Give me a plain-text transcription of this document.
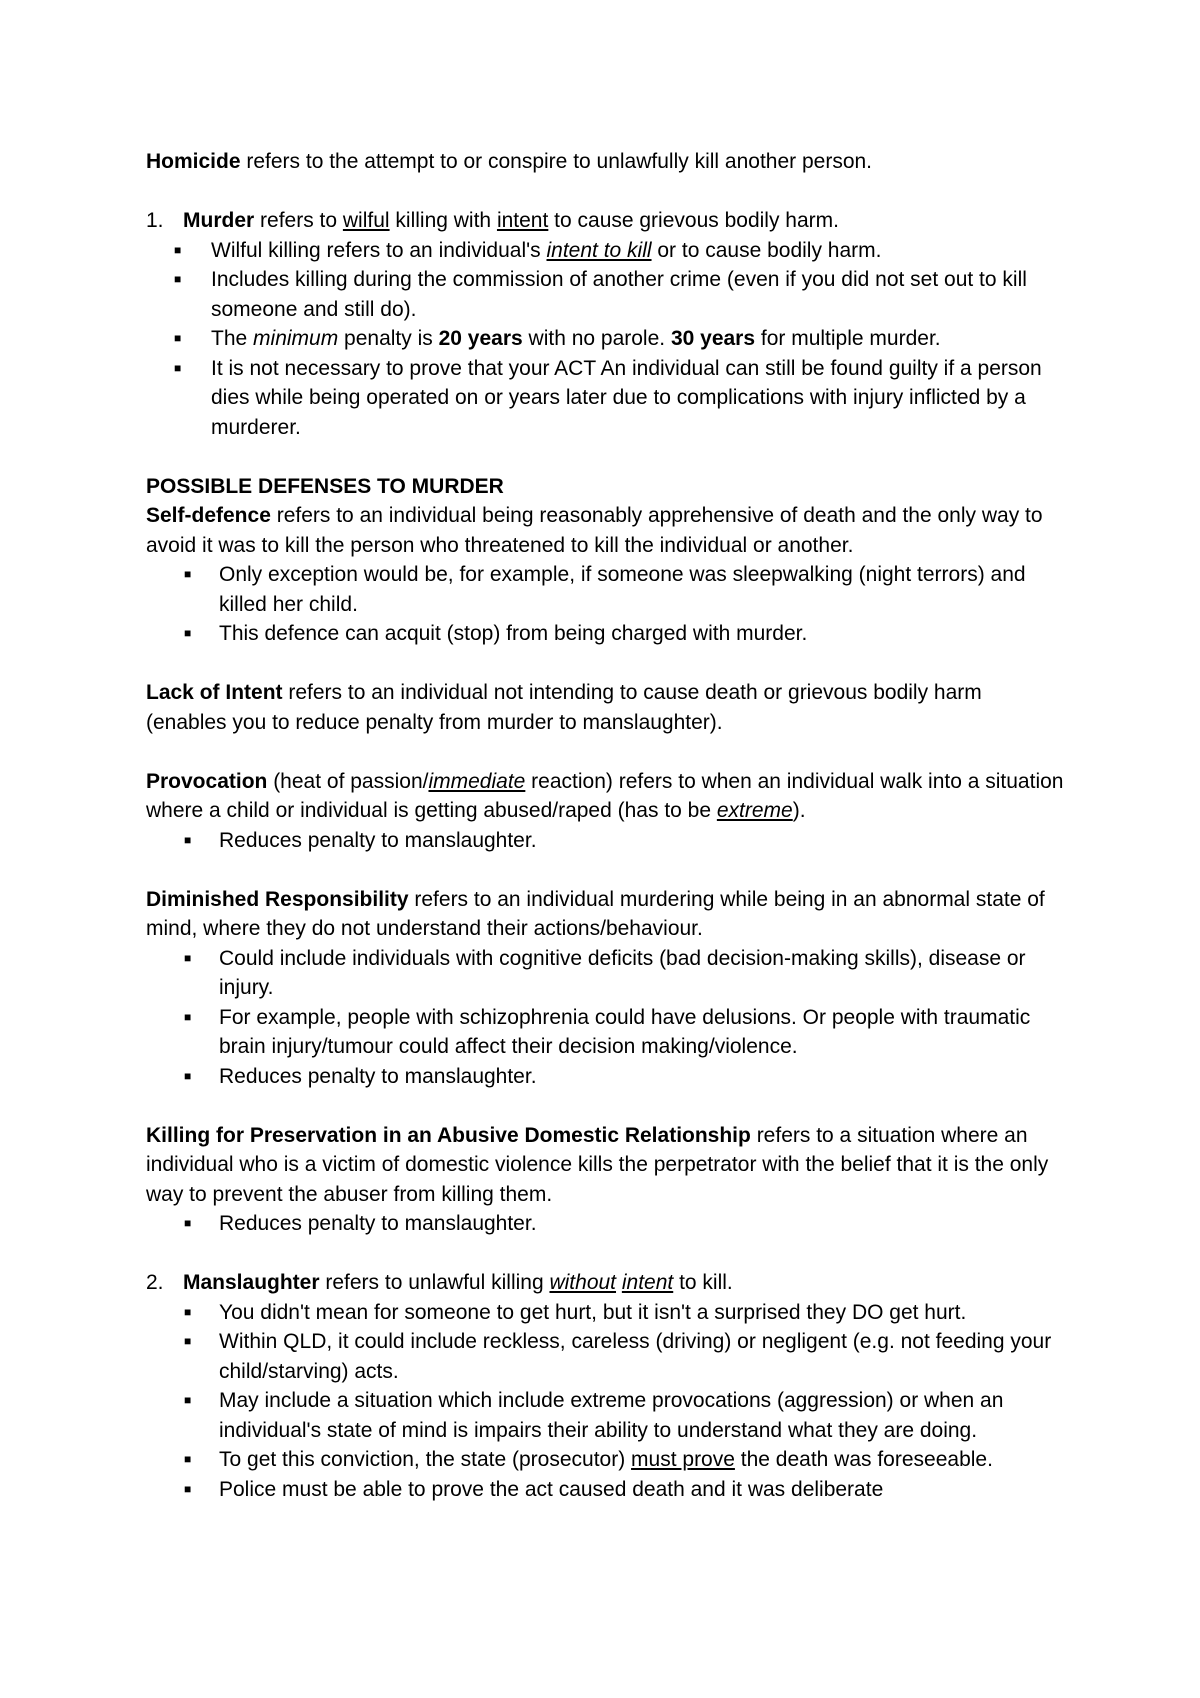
Homicide refers to the attempt to or conspire to unlawfully kill another person.

1. Murder refers to wilful killing with intent to cause grievous bodily harm.

■ Wilful killing refers to an individual's intent to kill or to cause bodily harm.
■ Includes killing during the commission of another crime (even if you did not set out to kill someone and still do).
■ The minimum penalty is 20 years with no parole. 30 years for multiple murder.
■ It is not necessary to prove that your ACT An individual can still be found guilty if a person dies while being operated on or years later due to complications with injury inflicted by a murderer.

POSSIBLE DEFENSES TO MURDER

Self-defence refers to an individual being reasonably apprehensive of death and the only way to avoid it was to kill the person who threatened to kill the individual or another.

■ Only exception would be, for example, if someone was sleepwalking (night terrors) and killed her child.
■ This defence can acquit (stop) from being charged with murder.

Lack of Intent refers to an individual not intending to cause death or grievous bodily harm (enables you to reduce penalty from murder to manslaughter).

Provocation (heat of passion/immediate reaction) refers to when an individual walk into a situation where a child or individual is getting abused/raped (has to be extreme).

■ Reduces penalty to manslaughter.

Diminished Responsibility refers to an individual murdering while being in an abnormal state of mind, where they do not understand their actions/behaviour.

■ Could include individuals with cognitive deficits (bad decision-making skills), disease or injury.
■ For example, people with schizophrenia could have delusions. Or people with traumatic brain injury/tumour could affect their decision making/violence.
■ Reduces penalty to manslaughter.

Killing for Preservation in an Abusive Domestic Relationship refers to a situation where an individual who is a victim of domestic violence kills the perpetrator with the belief that it is the only way to prevent the abuser from killing them.

■ Reduces penalty to manslaughter.
2. Manslaughter refers to unlawful killing without intent to kill.

■ You didn't mean for someone to get hurt, but it isn't a surprised they DO get hurt.
■ Within QLD, it could include reckless, careless (driving) or negligent (e.g. not feeding your child/starving) acts.
■ May include a situation which include extreme provocations (aggression) or when an individual's state of mind is impairs their ability to understand what they are doing.
■ To get this conviction, the state (prosecutor) must prove the death was foreseeable.
■ Police must be able to prove the act caused death and it was deliberate
